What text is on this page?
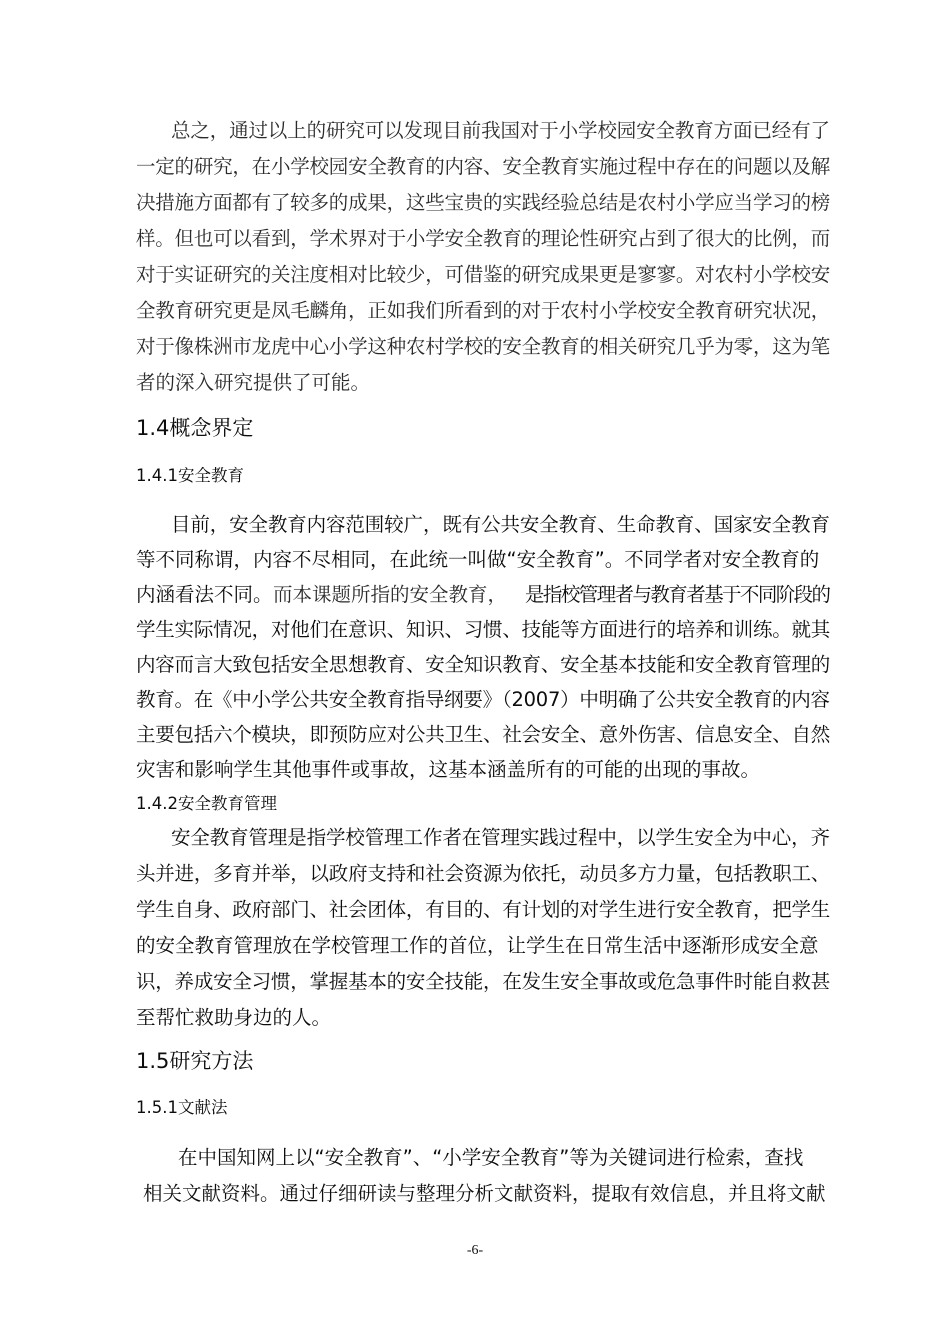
总之，通过以上的研究可以发现目前我国对于小学校园安全教育方面已经有了
一定的研究，在小学校园安全教育的内容、安全教育实施过程中存在的问题以及解
决措施方面都有了较多的成果，这些宝贵的实践经验总结是农村小学应当学习的榜
样。但也可以看到，学术界对于小学安全教育的理论性研究占到了很大的比例，而
对于实证研究的关注度相对比较少，可借鉴的研究成果更是寥寥。对农村小学校安
全教育研究更是凤毛麟角，正如我们所看到的对于农村小学校安全教育研究状况，
对于像株洲市龙虎中心小学这种农村学校的安全教育的相关研究几乎为零，这为笔
者的深入研究提供了可能。
1.4概念界定
1.4.1安全教育
目前，安全教育内容范围较广，既有公共安全教育、生命教育、国家安全教育
等不同称谓，内容不尽相同，在此统一叫做“安全教育”。不同学者对安全教育的
内涵看法不同。 而本课题所指的安全教育， 是指校管理者与教育者基于不同阶段的
学生实际情况，对他们在意识、知识、习惯、技能等方面进行的培养和训练。就其
内容而言大致包括安全思想教育、安全知识教育、安全基本技能和安全教育管理的
教育。在《中小学公共安全教育指导纲要》（2007）中明确了公共安全教育的内容
主要包括六个模块，即预防应对公共卫生、社会安全、意外伤害、信息安全、自然
灾害和影响学生其他事件或事故，这基本涵盖所有的可能的出现的事故。
1.4.2安全教育管理
安全教育管理是指学校管理工作者在管理实践过程中，以学生安全为中心，齐
头并进，多育并举，以政府支持和社会资源为依托，动员多方力量，包括教职工、
学生自身、政府部门、社会团体，有目的、有计划的对学生进行安全教育，把学生
的安全教育管理放在学校管理工作的首位，让学生在日常生活中逐渐形成安全意
识，养成安全习惯，掌握基本的安全技能，在发生安全事故或危急事件时能自救甚
至帮忙救助身边的人。
1.5研究方法
1.5.1文献法
在中国知网上以“安全教育”、“小学安全教育”等为关键词进行检索，查找
相关文献资料。通过仔细研读与整理分析文献资料，提取有效信息，并且将文献
-6-
